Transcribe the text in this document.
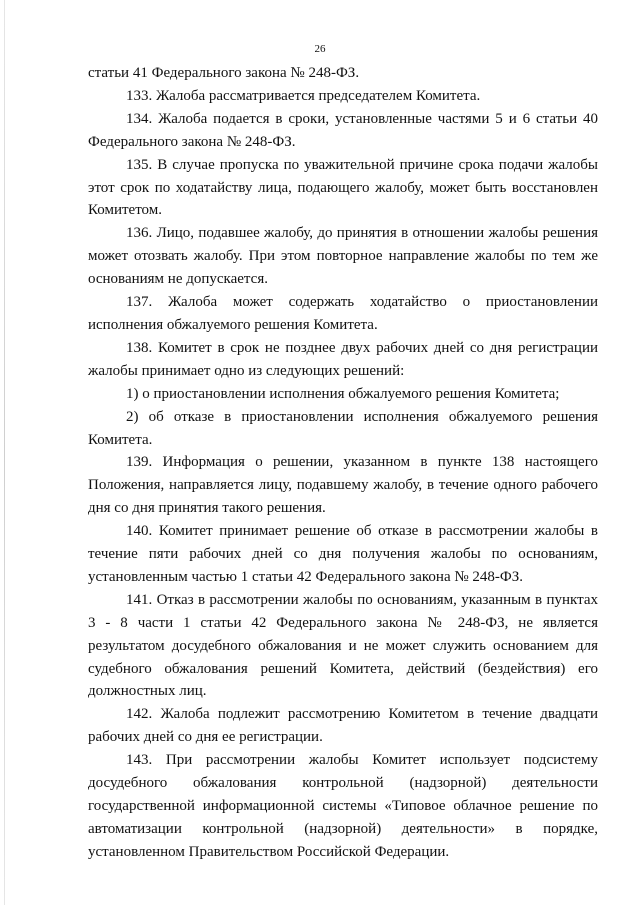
26

статьи 41 Федерального закона № 248-ФЗ.

133. Жалоба рассматривается председателем Комитета.

134. Жалоба подается в сроки, установленные частями 5 и 6 статьи 40 Федерального закона № 248-ФЗ.

135. В случае пропуска по уважительной причине срока подачи жалобы этот срок по ходатайству лица, подающего жалобу, может быть восстановлен Комитетом.

136. Лицо, подавшее жалобу, до принятия в отношении жалобы решения может отозвать жалобу. При этом повторное направление жалобы по тем же основаниям не допускается.

137. Жалоба может содержать ходатайство о приостановлении исполнения обжалуемого решения Комитета.

138. Комитет в срок не позднее двух рабочих дней со дня регистрации жалобы принимает одно из следующих решений:

1) о приостановлении исполнения обжалуемого решения Комитета;

2) об отказе в приостановлении исполнения обжалуемого решения Комитета.

139. Информация о решении, указанном в пункте 138 настоящего Положения, направляется лицу, подавшему жалобу, в течение одного рабочего дня со дня принятия такого решения.

140. Комитет принимает решение об отказе в рассмотрении жалобы в течение пяти рабочих дней со дня получения жалобы по основаниям, установленным частью 1 статьи 42 Федерального закона № 248-ФЗ.

141. Отказ в рассмотрении жалобы по основаниям, указанным в пунктах 3 - 8 части 1 статьи 42 Федерального закона № 248-ФЗ, не является результатом досудебного обжалования и не может служить основанием для судебного обжалования решений Комитета, действий (бездействия) его должностных лиц.

142. Жалоба подлежит рассмотрению Комитетом в течение двадцати рабочих дней со дня ее регистрации.

143. При рассмотрении жалобы Комитет использует подсистему досудебного обжалования контрольной (надзорной) деятельности государственной информационной системы «Типовое облачное решение по автоматизации контрольной (надзорной) деятельности» в порядке, установленном Правительством Российской Федерации.
